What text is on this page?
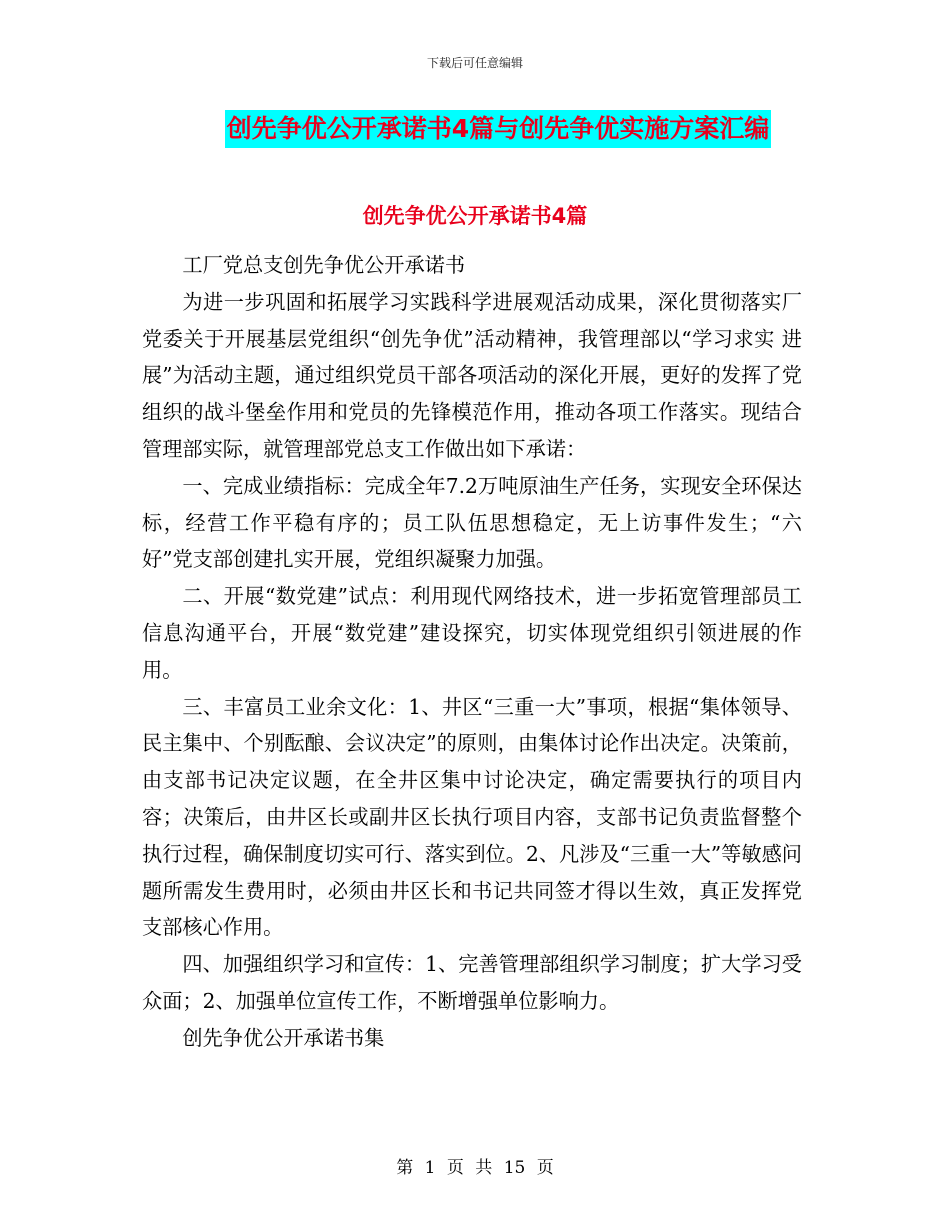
下载后可任意编辑
创先争优公开承诺书4篇与创先争优实施方案汇编
创先争优公开承诺书4篇

工厂党总支创先争优公开承诺书

为进一步巩固和拓展学习实践科学进展观活动成果，深化贯彻落实厂党委关于开展基层党组织“创先争优”活动精神，我管理部以“学习求实 进展”为活动主题，通过组织党员干部各项活动的深化开展，更好的发挥了党组织的战斗堡垒作用和党员的先锋模范作用，推动各项工作落实。现结合管理部实际，就管理部党总支工作做出如下承诺：

一、完成业绩指标：完成全年7.2万吨原油生产任务，实现安全环保达标，经营工作平稳有序的；员工队伍思想稳定，无上访事件发生；“六好”党支部创建扎实开展，党组织凝聚力加强。

二、开展“数党建”试点：利用现代网络技术，进一步拓宽管理部员工信息沟通平台，开展“数党建”建设探究，切实体现党组织引领进展的作用。

三、丰富员工业余文化：1、井区“三重一大”事项，根据“集体领导、民主集中、个别酝酿、会议决定”的原则，由集体讨论作出决定。决策前，由支部书记决定议题，在全井区集中讨论决定，确定需要执行的项目内容；决策后，由井区长或副井区长执行项目内容，支部书记负责监督整个执行过程，确保制度切实可行、落实到位。2、凡涉及“三重一大”等敏感问题所需发生费用时，必须由井区长和书记共同签才得以生效，真正发挥党支部核心作用。

四、加强组织学习和宣传：1、完善管理部组织学习制度；扩大学习受众面；2、加强单位宣传工作，不断增强单位影响力。

创先争优公开承诺书集

第 1 页 共 15 页
